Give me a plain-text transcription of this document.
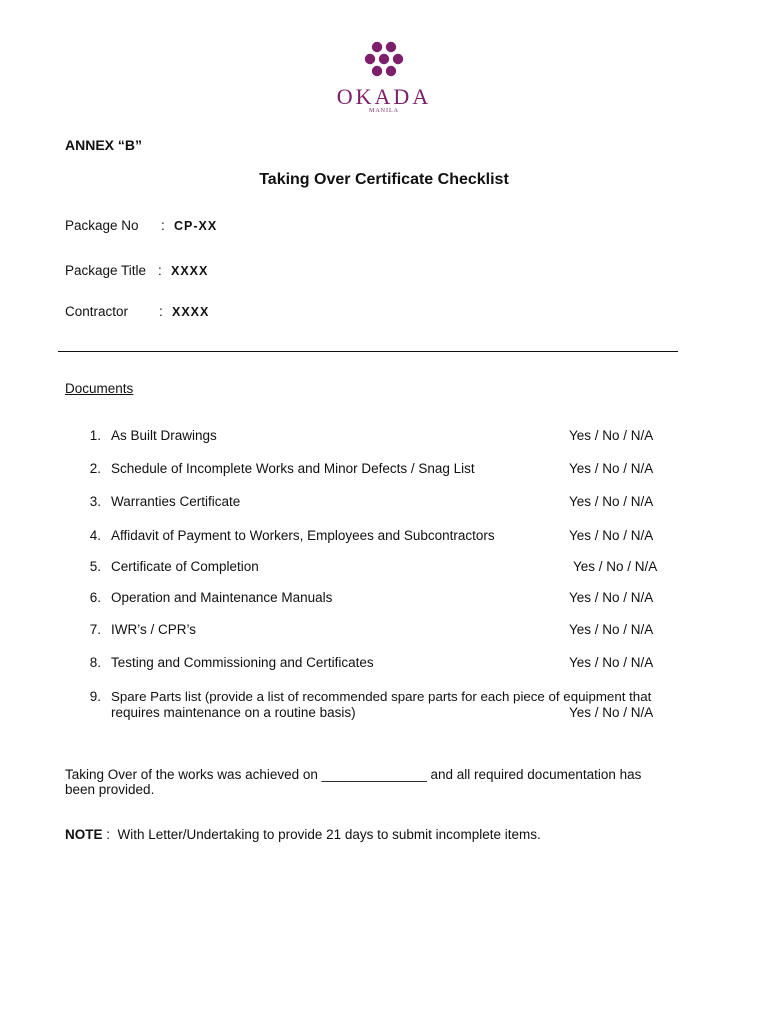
OKADA
MANILA
ANNEX “B”
Taking Over Certificate Checklist
Package No : CP-XX
Package Title : XXXX
Contractor : XXXX
Documents
1. As Built Drawings	Yes / No / N/A
2. Schedule of Incomplete Works and Minor Defects / Snag List	Yes / No / N/A
3. Warranties Certificate	Yes / No / N/A
4. Affidavit of Payment to Workers, Employees and Subcontractors	Yes / No / N/A
5. Certificate of Completion	Yes / No / N/A
6. Operation and Maintenance Manuals	Yes / No / N/A
7. IWR’s / CPR’s	Yes / No / N/A
8. Testing and Commissioning and Certificates	Yes / No / N/A
9. Spare Parts list (provide a list of recommended spare parts for each piece of equipment that
requires maintenance on a routine basis)	Yes / No / N/A
Taking Over of the works was achieved on ______________ and all required documentation has
been provided.
NOTE :  With Letter/Undertaking to provide 21 days to submit incomplete items.
